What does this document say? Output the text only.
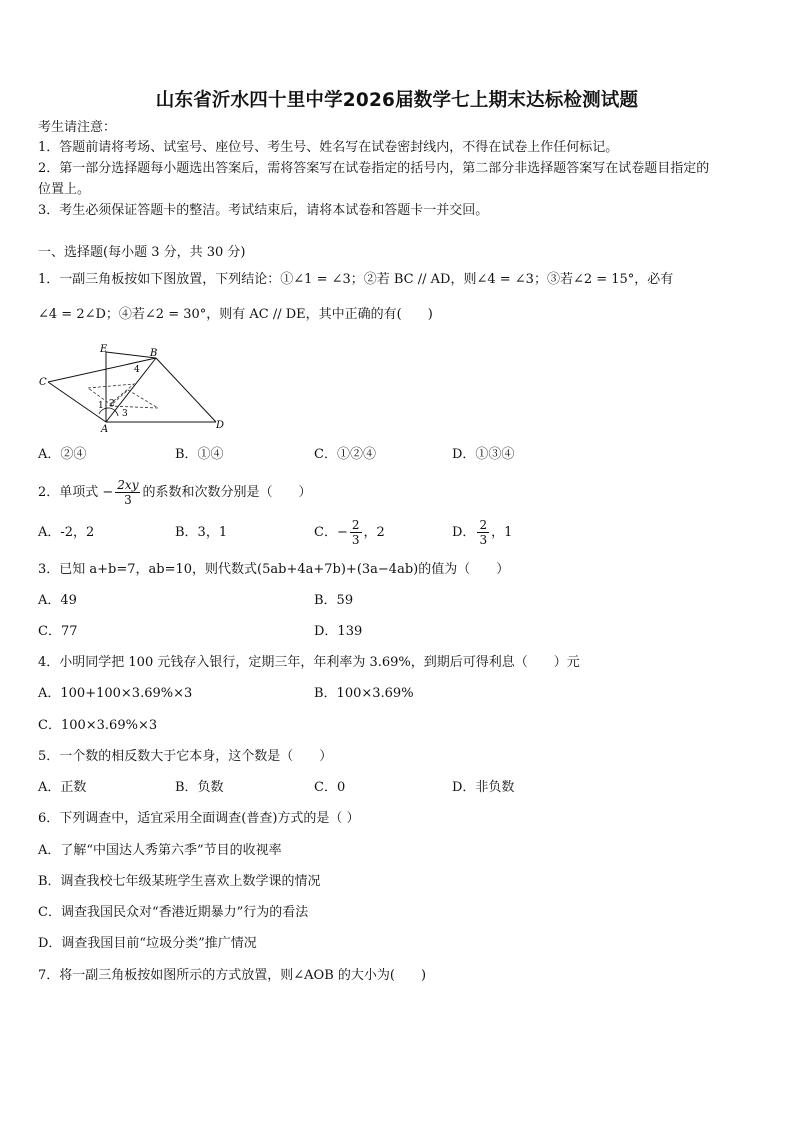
山东省沂水四十里中学2026届数学七上期末达标检测试题
考生请注意：
1．答题前请将考场、试室号、座位号、考生号、姓名写在试卷密封线内，不得在试卷上作任何标记。
2．第一部分选择题每小题选出答案后，需将答案写在试卷指定的括号内，第二部分非选择题答案写在试卷题目指定的
位置上。
3．考生必须保证答题卡的整洁。考试结束后，请将本试卷和答题卡一并交回。
一、选择题(每小题 3 分，共 30 分)
1．一副三角板按如下图放置，下列结论：①∠1 = ∠3；②若 BC // AD，则∠4 = ∠3；③若∠2 = 15°，必有
∠4 = 2∠D；④若∠2 = 30°，则有 AC // DE，其中正确的有(　　)
E	B
C
4
1 2
3
A	D
A．②④	B．①④	C．①②④	D．①③④
2．单项式 − $\frac{2xy}{3}$ 的系数和次数分别是（　　）
A．-2，2	B．3，1	C．− $\frac{2}{3}$ ，2	D． $\frac{2}{3}$ ，1
3．已知 a+b=7，ab=10，则代数式(5ab+4a+7b)+(3a−4ab)的值为（　　）
A．49	B．59
C．77	D．139
4．小明同学把 100 元钱存入银行，定期三年，年利率为 3.69%，到期后可得利息（　　）元
A．100+100×3.69%×3	B．100×3.69%
C．100×3.69%×3
5．一个数的相反数大于它本身，这个数是（　　）
A．正数	B．负数	C．0	D．非负数
6．下列调查中，适宜采用全面调查(普查)方式的是（ ）
A．了解“中国达人秀第六季”节目的收视率
B．调查我校七年级某班学生喜欢上数学课的情况
C．调查我国民众对“香港近期暴力”行为的看法
D．调查我国目前“垃圾分类”推广情况
7．将一副三角板按如图所示的方式放置，则∠AOB 的大小为(　　)
